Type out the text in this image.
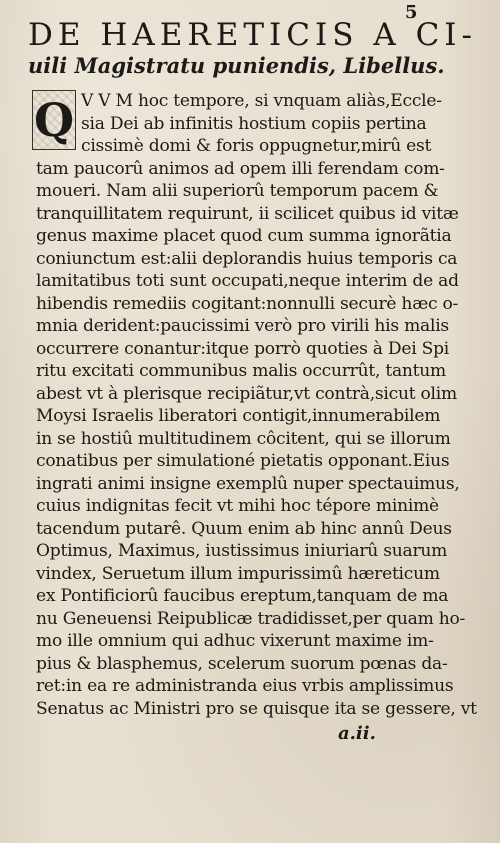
5
DE HAERETICIS A CI-
uili Magistratu puniendis, Libellus.
Q V V M hoc tempore, si vnquam aliàs,Eccle-
sia Dei ab infinitis hostium copiis pertina
cissimè domi & foris oppugnetur,mirû est
tam paucorû animos ad opem illi ferendam com-
moueri. Nam alii superiorû temporum pacem &
tranquillitatem requirunt, ii scilicet quibus id vitæ
genus maxime placet quod cum summa ignorãtia
coniunctum est:alii deplorandis huius temporis ca
lamitatibus toti sunt occupati,neque interim de ad
hibendis remediis cogitant:nonnulli securè hæc o-
mnia derident:paucissimi verò pro virili his malis
occurrere conantur:itque porrò quoties à Dei Spi
ritu excitati communibus malis occurrût, tantum
abest vt à plerisque recipiãtur,vt contrà,sicut olim
Moysi Israelis liberatori contigit,innumerabilem
in se hostiû multitudinem côcitent, qui se illorum
conatibus per simulationé pietatis opponant.Eius
ingrati animi insigne exemplû nuper spectauimus,
cuius indignitas fecit vt mihi hoc tépore minimè
tacendum putarê. Quum enim ab hinc annû Deus
Optimus, Maximus, iustissimus iniuriarû suarum
vindex, Seruetum illum impurissimû hæreticum
ex Pontificiorû faucibus ereptum,tanquam de ma
nu Geneuensi Reipublicæ tradidisset,per quam ho-
mo ille omnium qui adhuc vixerunt maxime im-
pius & blasphemus, scelerum suorum pœnas da-
ret:in ea re administranda eius vrbis amplissimus
Senatus ac Ministri pro se quisque ita se gessere, vt
a.ii.
